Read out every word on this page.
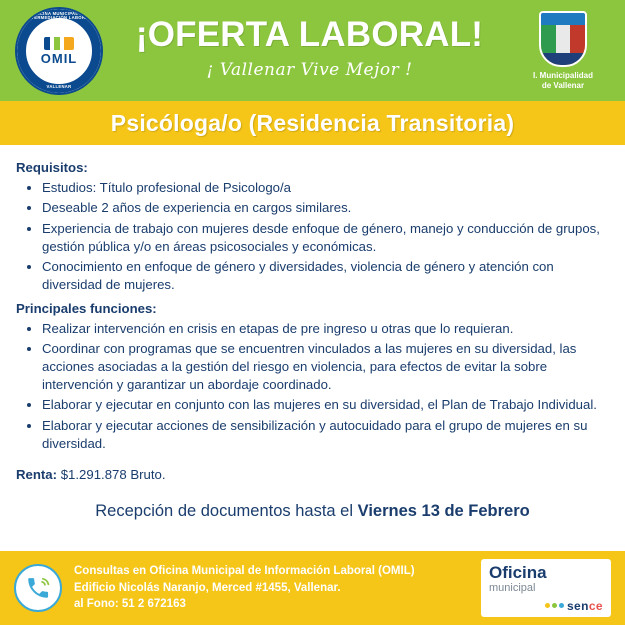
OFICINA MUNICIPAL DE INTERMEDIACIÓN LABORAL
VALLENAR
OMIL
¡OFERTA LABORAL!
¡ Vallenar Vive Mejor !	I. Municipalidad
de Vallenar
Psicóloga/o (Residencia Transitoria)
Requisitos:
• Estudios: Título profesional de Psicologo/a
• Deseable 2 años de experiencia en cargos similares.
• Experiencia de trabajo con mujeres desde enfoque de género, manejo y conducción de grupos, gestión pública y/o en áreas psicosociales y económicas.
• Conocimiento en enfoque de género y diversidades, violencia de género y atención con diversidad de mujeres.
Principales funciones:
• Realizar intervención en crisis en etapas de pre ingreso u otras que lo requieran.
• Coordinar con programas que se encuentren vinculados a las mujeres en su diversidad, las acciones asociadas a la gestión del riesgo en violencia, para efectos de evitar la sobre intervención y garantizar un abordaje coordinado.
• Elaborar y ejecutar en conjunto con las mujeres en su diversidad, el Plan de Trabajo Individual.
• Elaborar y ejecutar acciones de sensibilización y autocuidado para el grupo de mujeres en su diversidad.
Renta: $1.291.878 Bruto.
Recepción de documentos hasta el Viernes 13 de Febrero
Consultas en Oficina Municipal de Información Laboral (OMIL)
Edificio Nicolás Naranjo, Merced #1455, Vallenar.
al Fono: 51 2 672163
Oficina
municipal
sence
